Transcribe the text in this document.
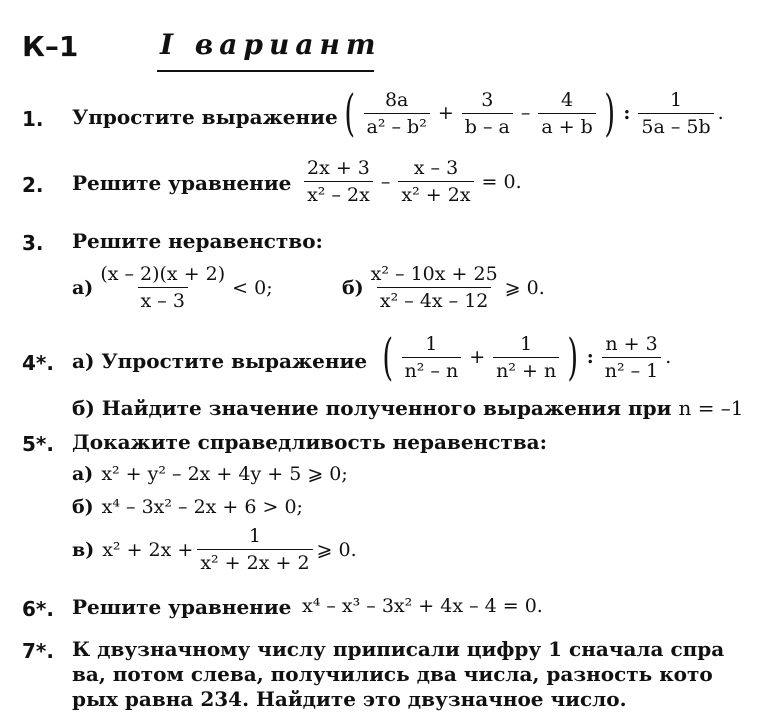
К–1	I вариант
1. Упростите выражение ( $\frac{8a}{\text{a² – b²}} + \frac{3}{b - a} - \frac{4}{a + b}$ ) : $\frac{1}{5a - 5b}$ .
2. Решите уравнение $\frac{2x + 3}{\text{x² – 2x}} - \frac{x - 3}{\text{x² + 2x}} = 0$.
3. Решите неравенство:
$а) \frac{(x - 2)(x + 2)}{x - 3} < 0$;	$б) \frac{\text{x² – 10x + 25}}{\text{x² – 4x – 12}}$ ⩾ 0.
4*. а) Упростите выражение ( $\frac{1}{\text{n² – n}} + \frac{1}{\text{n² + n}}$ ) : $\frac{n + 3}{\text{n² – 1}}$ .
б) Найдите значение полученного выражения при n = –1
5*. Докажите справедливость неравенства:
а) x² + y² – 2x + 4y + 5 ⩾ 0;
б) x⁴ – 3x² – 2x + 6 > 0;
в) $x^2 + 2x + \frac{1}{\text{x² + 2x + 2}}$ ⩾ 0.
6*. Решите уравнение x⁴ – x³ – 3x² + 4x – 4 = 0.
7*. К двузначному числу приписали цифру 1 сначала спра
ва, потом слева, получились два числа, разность кото
рых равна 234. Найдите это двузначное число.
